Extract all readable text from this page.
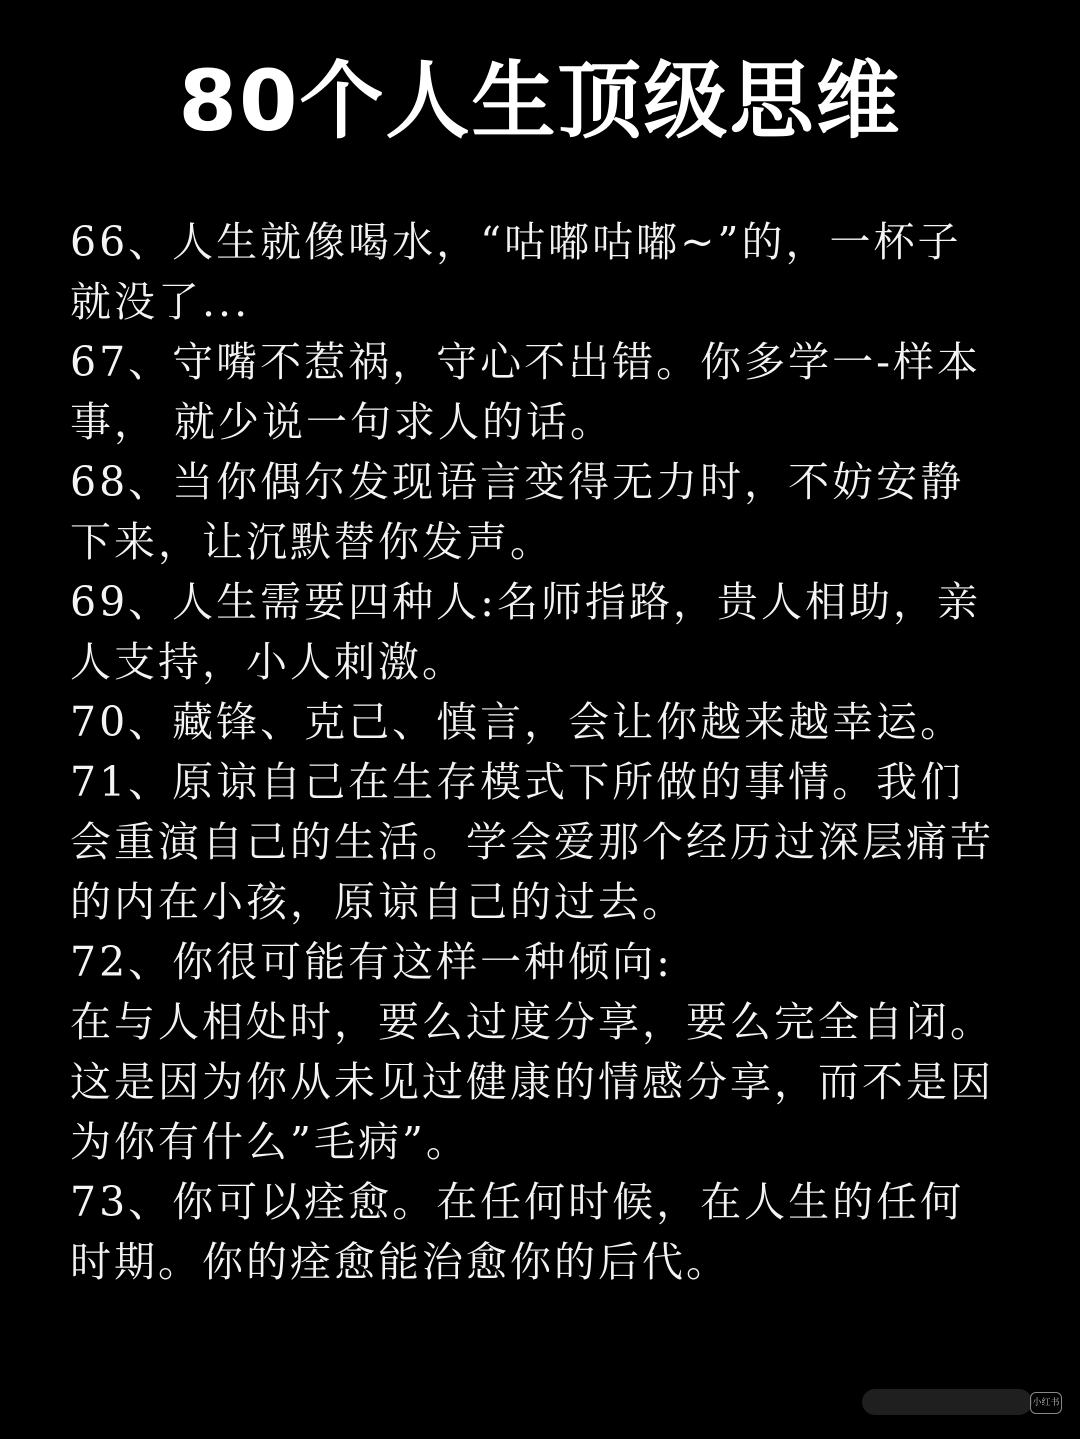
80个人生顶级思维

66、人生就像喝水，“咕嘟咕嘟~”的，一杯子就没了...

67、守嘴不惹祸，守心不出错。你多学一-样本事， 就少说一句求人的话。

68、当你偶尔发现语言变得无力时，不妨安静下来，让沉默替你发声。

69、人生需要四种人:名师指路，贵人相助，亲人支持，小人刺激。

70、藏锋、克己、慎言，会让你越来越幸运。

71、原谅自己在生存模式下所做的事情。我们会重演自己的生活。学会爱那个经历过深层痛苦的内在小孩，原谅自己的过去。

72、你很可能有这样一种倾向:

在与人相处时，要么过度分享，要么完全自闭。这是因为你从未见过健康的情感分享，而不是因为你有什么”毛病”。

73、你可以痊愈。在任何时候，在人生的任何时期。你的痊愈能治愈你的后代。

小红书
